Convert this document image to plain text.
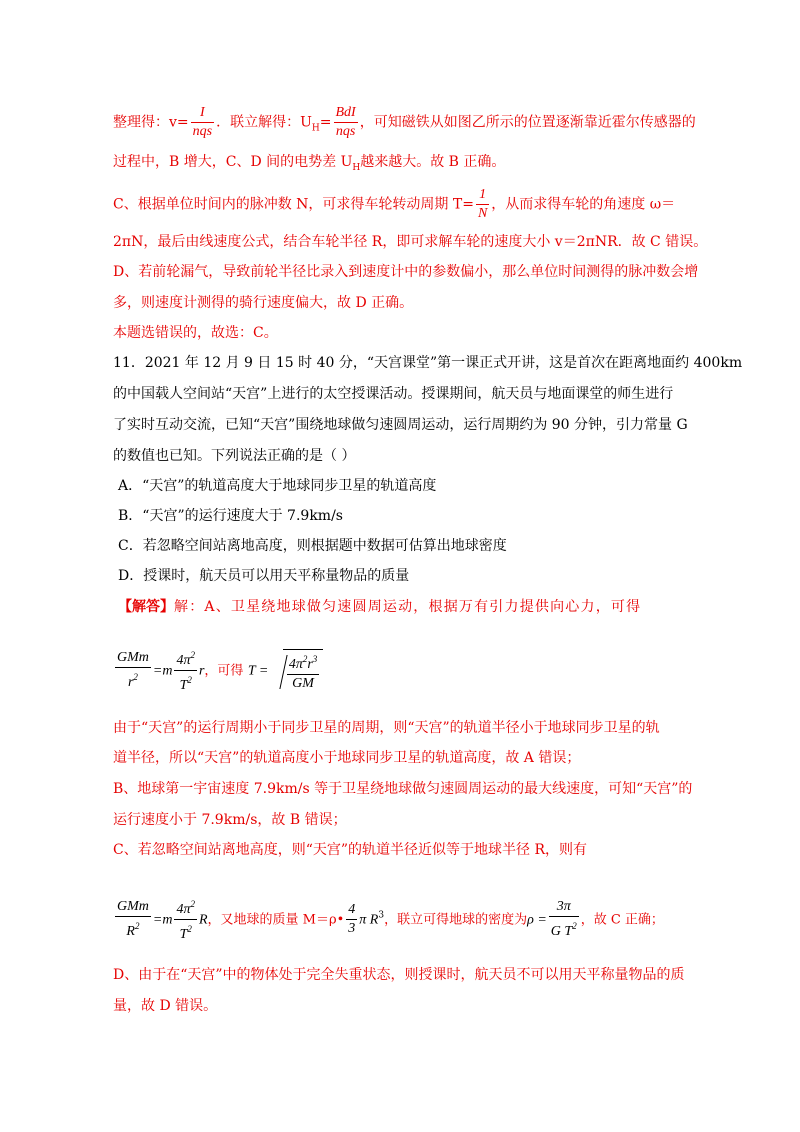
整理得：$v= \frac{I}{\text{nqs}}$ ．联立解得：$U_H= \frac{\text{BdI}}{\text{nqs}}$ ，可知磁铁从如图乙所示的位置逐渐靠近霍尔传感器的
过程中，B 增大，C、D 间的电势差 $U_H$越来越大。故 B 正确。
C、根据单位时间内的脉冲数 N，可求得车轮转动周期 $T= \frac{1}{N}$ ，从而求得车轮的角速度 ω＝
2πN，最后由线速度公式，结合车轮半径 R，即可求解车轮的速度大小 v＝2πNR．故 C 错误。
D、若前轮漏气，导致前轮半径比录入到速度计中的参数偏小，那么单位时间测得的脉冲数会增
多，则速度计测得的骑行速度偏大，故 D 正确。
本题选错误的，故选：C。
11．2021 年 12 月 9 日 15 时 40 分，“天宫课堂”第一课正式开讲，这是首次在距离地面约 400km
的中国载人空间站“天宫”上进行的太空授课活动。授课期间，航天员与地面课堂的师生进行
了实时互动交流，已知“天宫”围绕地球做匀速圆周运动，运行周期约为 90 分钟，引力常量 G
的数值也已知。下列说法正确的是（ ）
A．“天宫”的轨道高度大于地球同步卫星的轨道高度
B．“天宫”的运行速度大于 7.9km/s
C．若忽略空间站离地高度，则根据题中数据可估算出地球密度
D．授课时，航天员可以用天平称量物品的质量
【解答】解：A、卫星绕地球做匀速圆周运动，根据万有引力提供向心力，可得
$\frac{\text{GMm}}{r^2} =m \frac{4\pi^2}{T^2}$ r，可得 $T = \frac{4\pi^2r^3}{GM}$
由于“天宫”的运行周期小于同步卫星的周期，则“天宫”的轨道半径小于地球同步卫星的轨
道半径，所以“天宫”的轨道高度小于地球同步卫星的轨道高度，故 A 错误；
B、地球第一宇宙速度 7.9km/s 等于卫星绕地球做匀速圆周运动的最大线速度，可知“天宫”的
运行速度小于 7.9km/s，故 B 错误；
C、若忽略空间站离地高度，则“天宫”的轨道半径近似等于地球半径 R，则有
$\frac{\text{GMm}}{R^2} =m \frac{4\pi^2}{T^2}$ R，又地球的质量 M＝ρ• $\frac{4}{3}$ π $R^3$，联立可得地球的密度为$\rho = \frac{3\pi}{G T^2}$ ，故 C 正确；
D、由于在“天宫”中的物体处于完全失重状态，则授课时，航天员不可以用天平称量物品的质
量，故 D 错误。
